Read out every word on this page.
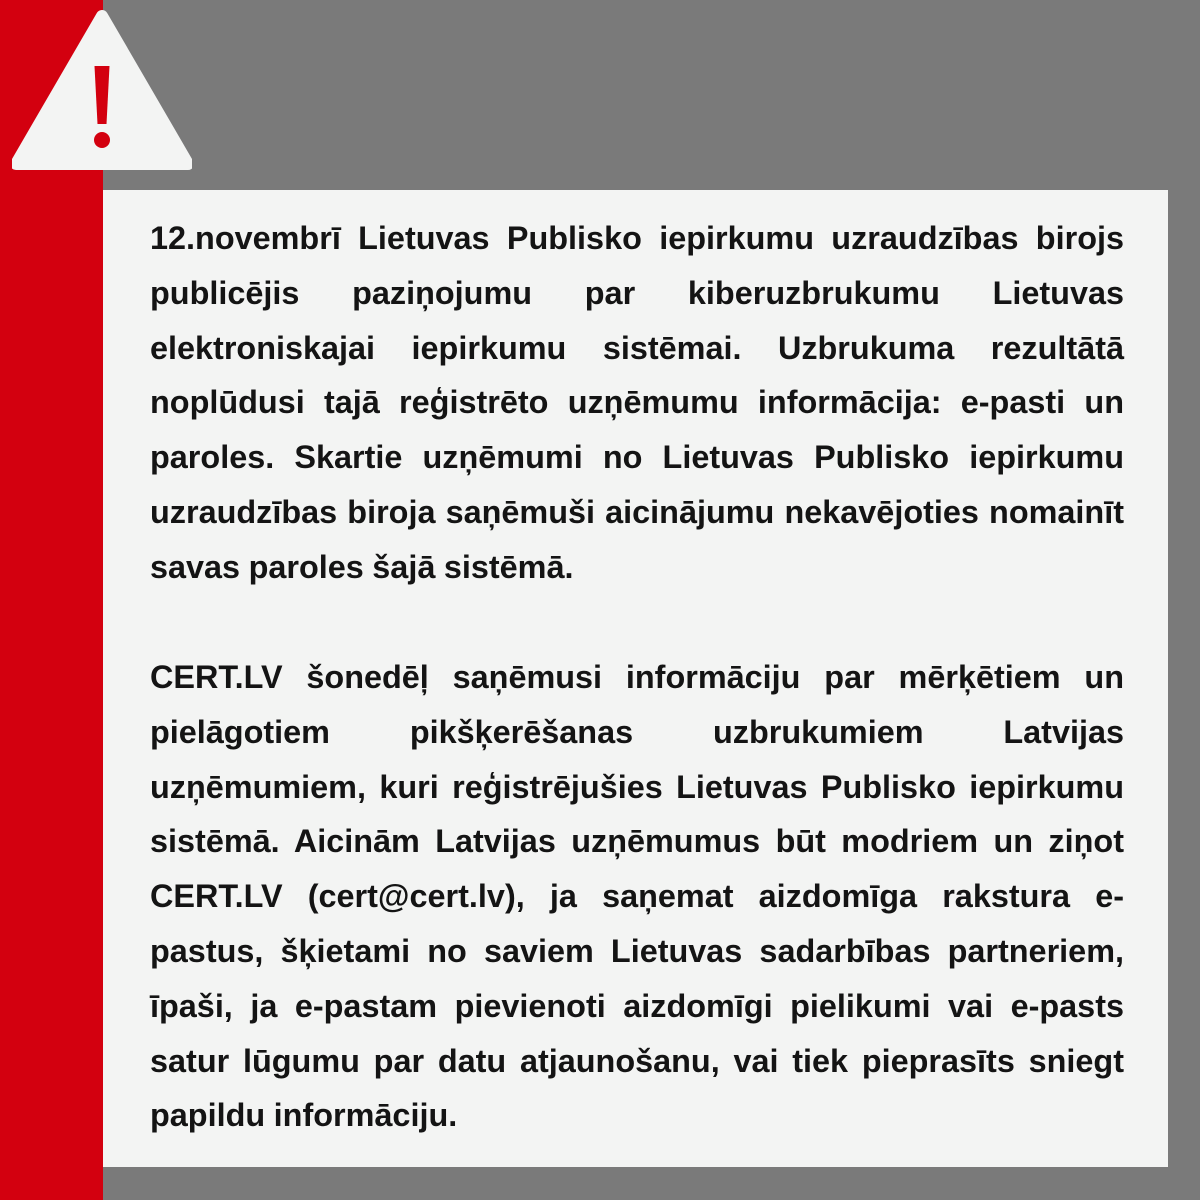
12.novembrī Lietuvas Publisko iepirkumu uzraudzības birojs publicējis paziņojumu par kiberuzbrukumu Lietuvas elektroniskajai iepirkumu sistēmai. Uzbrukuma rezultātā noplūdusi tajā reģistrēto uzņēmumu informācija: e-pasti un paroles. Skartie uzņēmumi no Lietuvas Publisko iepirkumu uzraudzības biroja saņēmuši aicinājumu nekavējoties nomainīt savas paroles šajā sistēmā.

CERT.LV šonedēļ saņēmusi informāciju par mērķētiem un pielāgotiem pikšķerēšanas uzbrukumiem Latvijas uzņēmumiem, kuri reģistrējušies Lietuvas Publisko iepirkumu sistēmā. Aicinām Latvijas uzņēmumus būt modriem un ziņot CERT.LV (cert@cert.lv), ja saņemat aizdomīga rakstura e-pastus, šķietami no saviem Lietuvas sadarbības partneriem, īpaši, ja e-pastam pievienoti aizdomīgi pielikumi vai e-pasts satur lūgumu par datu atjaunošanu, vai tiek pieprasīts sniegt papildu informāciju.
